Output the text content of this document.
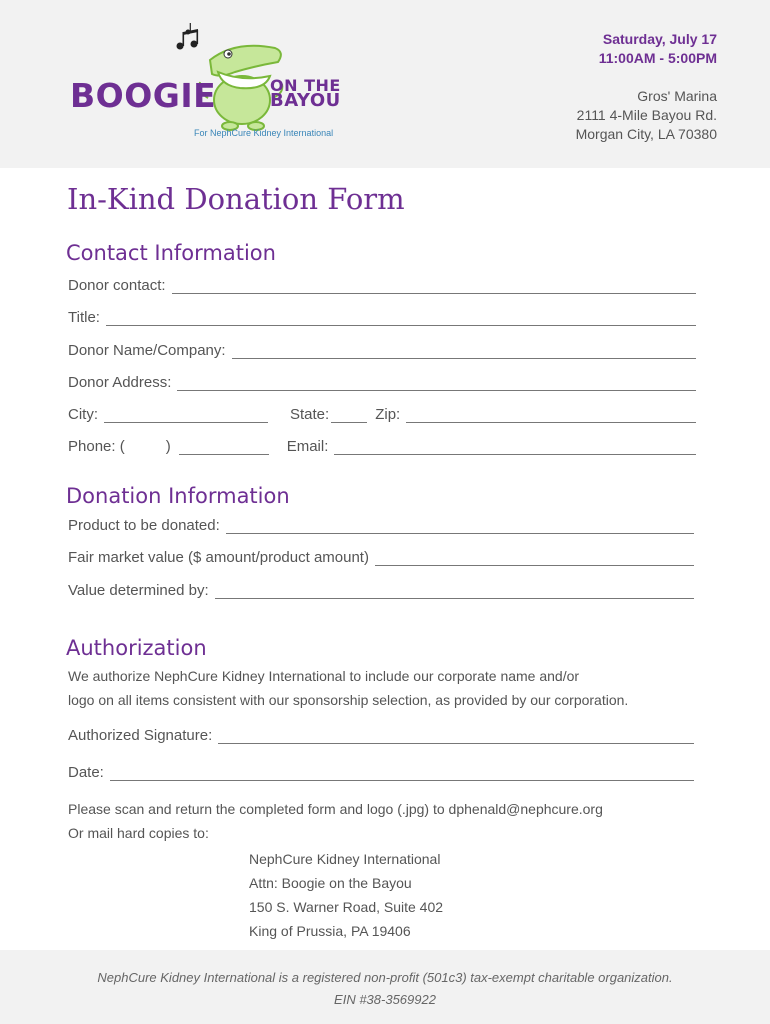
BOOGIE	ON THE
BAYOU
For NephCure Kidney International
Saturday, July 17
11:00AM - 5:00PM
Gros' Marina
2111 4-Mile Bayou Rd.
Morgan City, LA 70380
In-Kind Donation Form
Contact Information
Donor contact:
Title:
Donor Name/Company:
Donor Address:
City:	State:	Zip:
Phone: (	)	Email:
Donation Information
Product to be donated:
Fair market value ($ amount/product amount)
Value determined by:
Authorization
We authorize NephCure Kidney International to include our corporate name and/or
logo on all items consistent with our sponsorship selection, as provided by our corporation.
Authorized Signature:
Date:
Please scan and return the completed form and logo (.jpg) to dphenald@nephcure.org
Or mail hard copies to:
NephCure Kidney International
Attn: Boogie on the Bayou
150 S. Warner Road, Suite 402
King of Prussia, PA 19406
NephCure Kidney International is a registered non-profit (501c3) tax-exempt charitable organization.
EIN #38-3569922
